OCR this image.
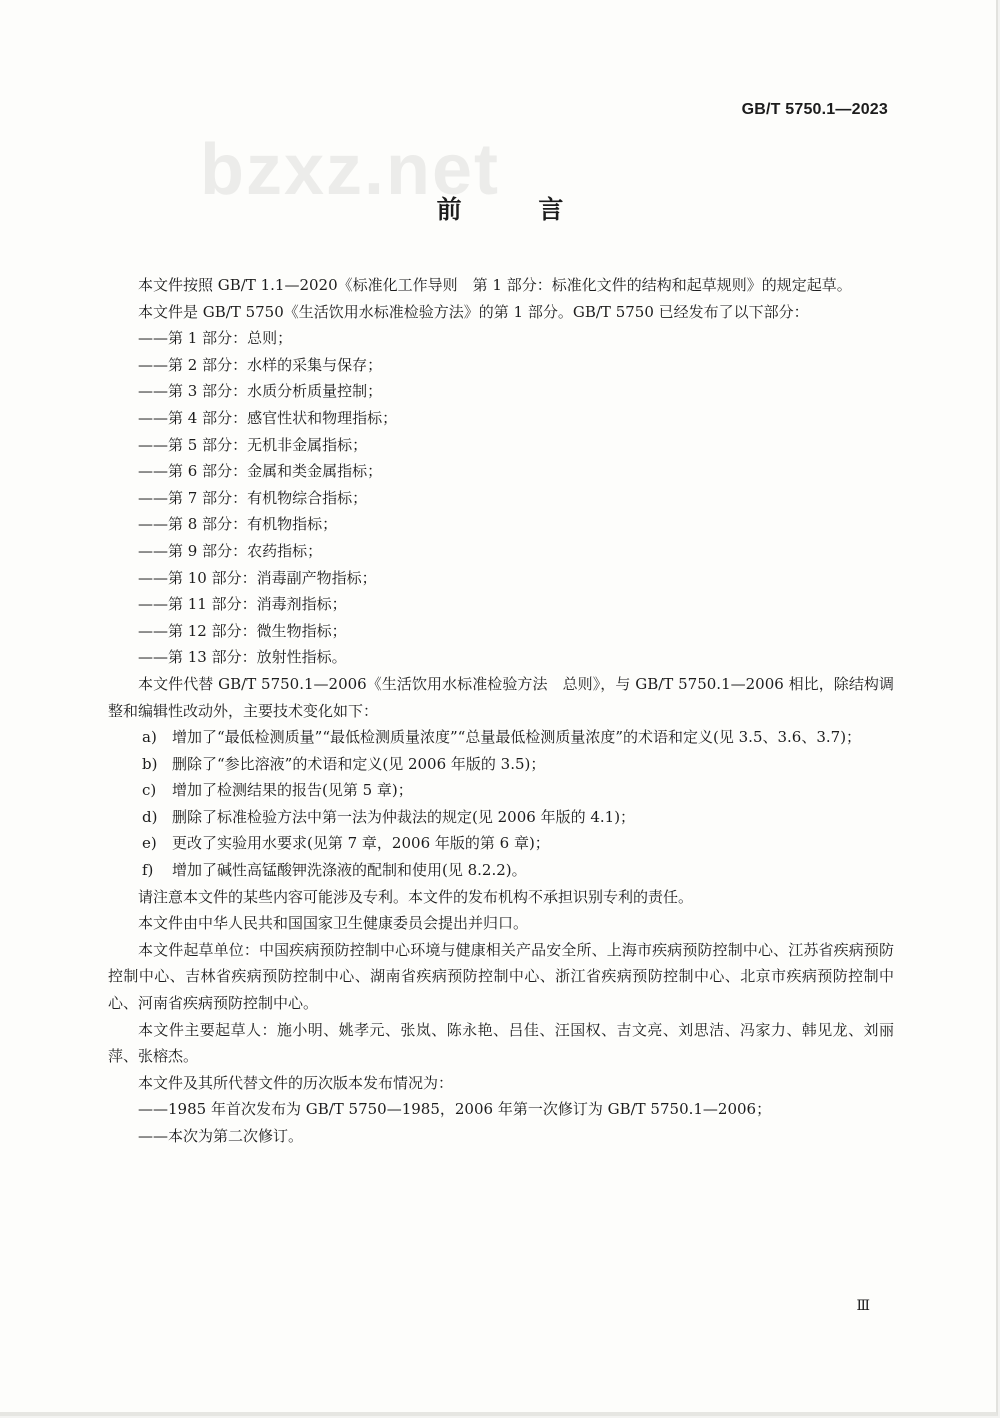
GB/T 5750.1—2023
bzxz.net
前 言

本文件按照 GB/T 1.1—2020《标准化工作导则　第 1 部分：标准化文件的结构和起草规则》的规定起草。

本文件是 GB/T 5750《生活饮用水标准检验方法》的第 1 部分。GB/T 5750 已经发布了以下部分：

——第 1 部分：总则；

——第 2 部分：水样的采集与保存；

——第 3 部分：水质分析质量控制；

——第 4 部分：感官性状和物理指标；

——第 5 部分：无机非金属指标；

——第 6 部分：金属和类金属指标；

——第 7 部分：有机物综合指标；

——第 8 部分：有机物指标；

——第 9 部分：农药指标；

——第 10 部分：消毒副产物指标；

——第 11 部分：消毒剂指标；

——第 12 部分：微生物指标；

——第 13 部分：放射性指标。

本文件代替 GB/T 5750.1—2006《生活饮用水标准检验方法　总则》，与 GB/T 5750.1—2006 相比，除结构调整和编辑性改动外，主要技术变化如下：

a) 增加了“最低检测质量”“最低检测质量浓度”“总量最低检测质量浓度”的术语和定义(见 3.5、3.6、3.7)；

b) 删除了“参比溶液”的术语和定义(见 2006 年版的 3.5)；

c) 增加了检测结果的报告(见第 5 章)；

d) 删除了标准检验方法中第一法为仲裁法的规定(见 2006 年版的 4.1)；

e) 更改了实验用水要求(见第 7 章，2006 年版的第 6 章)；

f) 增加了碱性高锰酸钾洗涤液的配制和使用(见 8.2.2)。

请注意本文件的某些内容可能涉及专利。本文件的发布机构不承担识别专利的责任。

本文件由中华人民共和国国家卫生健康委员会提出并归口。

本文件起草单位：中国疾病预防控制中心环境与健康相关产品安全所、上海市疾病预防控制中心、江苏省疾病预防控制中心、吉林省疾病预防控制中心、湖南省疾病预防控制中心、浙江省疾病预防控制中心、北京市疾病预防控制中心、河南省疾病预防控制中心。

本文件主要起草人：施小明、姚孝元、张岚、陈永艳、吕佳、汪国权、吉文亮、刘思洁、冯家力、韩见龙、刘丽萍、张榕杰。

本文件及其所代替文件的历次版本发布情况为：

——1985 年首次发布为 GB/T 5750—1985，2006 年第一次修订为 GB/T 5750.1—2006；

——本次为第二次修订。

Ⅲ
